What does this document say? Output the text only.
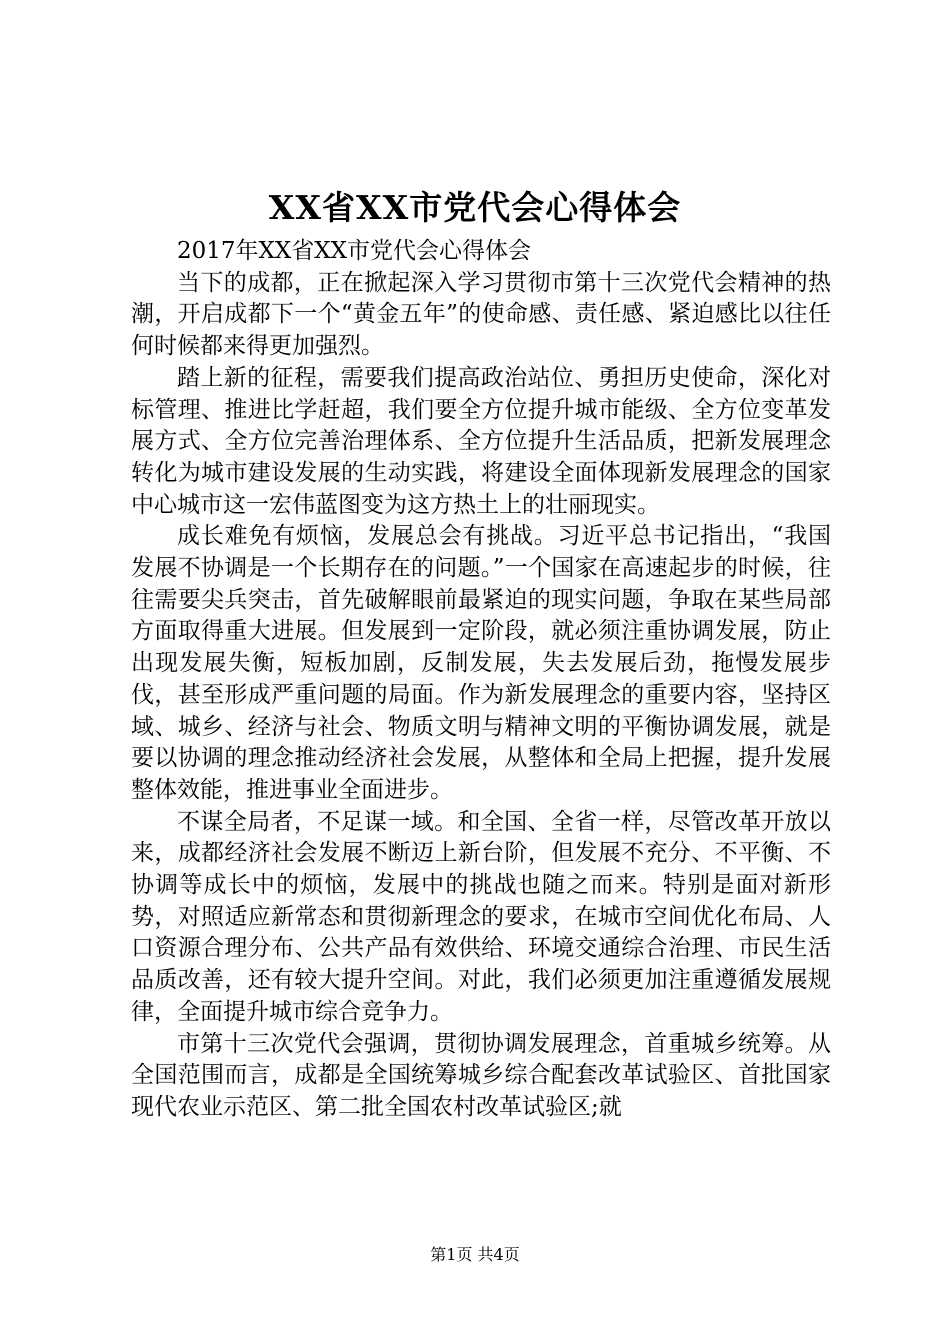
XX省XX市党代会心得体会

2017年XX省XX市党代会心得体会

当下的成都，正在掀起深入学习贯彻市第十三次党代会精神的热潮，开启成都下一个“黄金五年”的使命感、责任感、紧迫感比以往任何时候都来得更加强烈。

踏上新的征程，需要我们提高政治站位、勇担历史使命，深化对标管理、推进比学赶超，我们要全方位提升城市能级、全方位变革发展方式、全方位完善治理体系、全方位提升生活品质，把新发展理念转化为城市建设发展的生动实践，将建设全面体现新发展理念的国家中心城市这一宏伟蓝图变为这方热土上的壮丽现实。

成长难免有烦恼，发展总会有挑战。习近平总书记指出，“我国发展不协调是一个长期存在的问题。”一个国家在高速起步的时候，往往需要尖兵突击，首先破解眼前最紧迫的现实问题，争取在某些局部方面取得重大进展。但发展到一定阶段，就必须注重协调发展，防止出现发展失衡，短板加剧，反制发展，失去发展后劲，拖慢发展步伐，甚至形成严重问题的局面。作为新发展理念的重要内容，坚持区域、城乡、经济与社会、物质文明与精神文明的平衡协调发展，就是要以协调的理念推动经济社会发展，从整体和全局上把握，提升发展整体效能，推进事业全面进步。

不谋全局者，不足谋一域。和全国、全省一样，尽管改革开放以来，成都经济社会发展不断迈上新台阶，但发展不充分、不平衡、不协调等成长中的烦恼，发展中的挑战也随之而来。特别是面对新形势，对照适应新常态和贯彻新理念的要求，在城市空间优化布局、人口资源合理分布、公共产品有效供给、环境交通综合治理、市民生活品质改善，还有较大提升空间。对此，我们必须更加注重遵循发展规律，全面提升城市综合竞争力。

市第十三次党代会强调，贯彻协调发展理念，首重城乡统筹。从全国范围而言，成都是全国统筹城乡综合配套改革试验区、首批国家现代农业示范区、第二批全国农村改革试验区;就

第1页 共4页
